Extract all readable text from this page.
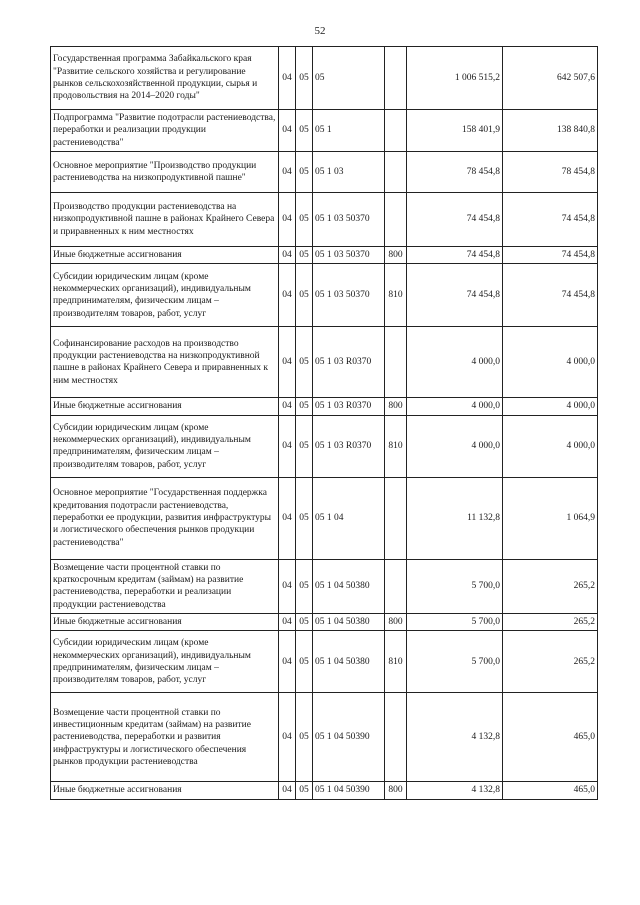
52
Государственная программа Забайкальского края "Развитие сельского хозяйства и регулирование рынков сельскохозяйственной продукции, сырья и продовольствия на 2014–2020 годы"	04	05	05		1 006 515,2	642 507,6
Подпрограмма "Развитие подотрасли растениеводства, переработки и реализации продукции растениеводства"	04	05	05 1		158 401,9	138 840,8
Основное мероприятие "Производство продукции растениеводства на низкопродуктивной пашне"	04	05	05 1 03		78 454,8	78 454,8
Производство продукции растениеводства на низкопродуктивной пашне в районах Крайнего Севера и приравненных к ним местностях	04	05	05 1 03 50370		74 454,8	74 454,8
Иные бюджетные ассигнования	04	05	05 1 03 50370	800	74 454,8	74 454,8
Субсидии юридическим лицам (кроме некоммерческих организаций), индивидуальным предпринимателям, физическим лицам – производителям товаров, работ, услуг	04	05	05 1 03 50370	810	74 454,8	74 454,8
Софинансирование расходов на производство продукции растениеводства на низкопродуктивной пашне в районах Крайнего Севера и приравненных к ним местностях	04	05	05 1 03 R0370		4 000,0	4 000,0
Иные бюджетные ассигнования	04	05	05 1 03 R0370	800	4 000,0	4 000,0
Субсидии юридическим лицам (кроме некоммерческих организаций), индивидуальным предпринимателям, физическим лицам – производителям товаров, работ, услуг	04	05	05 1 03 R0370	810	4 000,0	4 000,0
Основное мероприятие "Государственная поддержка кредитования подотрасли растениеводства, переработки ее продукции, развития инфраструктуры и логистического обеспечения рынков продукции растениеводства"	04	05	05 1 04		11 132,8	1 064,9
Возмещение части процентной ставки по краткосрочным кредитам (займам) на развитие растениеводства, переработки и реализации продукции растениеводства	04	05	05 1 04 50380		5 700,0	265,2
Иные бюджетные ассигнования	04	05	05 1 04 50380	800	5 700,0	265,2
Субсидии юридическим лицам (кроме некоммерческих организаций), индивидуальным предпринимателям, физическим лицам – производителям товаров, работ, услуг	04	05	05 1 04 50380	810	5 700,0	265,2
Возмещение части процентной ставки по инвестиционным кредитам (займам) на развитие растениеводства, переработки и развития инфраструктуры и логистического обеспечения рынков продукции растениеводства	04	05	05 1 04 50390		4 132,8	465,0
Иные бюджетные ассигнования	04	05	05 1 04 50390	800	4 132,8	465,0
